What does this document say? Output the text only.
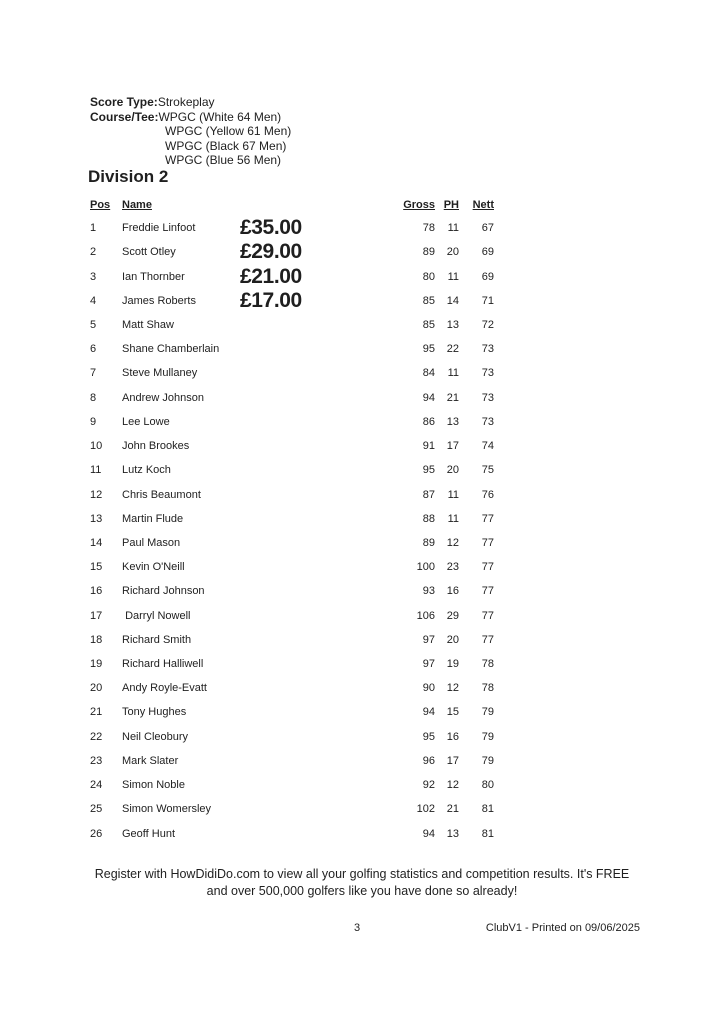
Score Type:Strokeplay
Course/Tee:WPGC (White 64 Men)
WPGC (Yellow 61 Men)
WPGC (Black 67 Men)
WPGC (Blue 56 Men)
Division 2
Pos	Name	Gross PH	Nett
1	Freddie Linfoot	£35.00	78	11	67
2	Scott Otley	£29.00	89	20	69
3	Ian Thornber	£21.00	80	11	69
4	James Roberts	£17.00	85	14	71
5	Matt Shaw	85	13	72
6	Shane Chamberlain	95	22	73
7	Steve Mullaney	84	11	73
8	Andrew Johnson	94	21	73
9	Lee Lowe	86	13	73
10	John Brookes	91	17	74
11	Lutz Koch	95	20	75
12	Chris Beaumont	87	11	76
13	Martin Flude	88	11	77
14	Paul Mason	89	12	77
15	Kevin O'Neill	100	23	77
16	Richard Johnson	93	16	77
17	Darryl Nowell	106	29	77
18	Richard Smith	97	20	77
19	Richard Halliwell	97	19	78
20	Andy Royle-Evatt	90	12	78
21	Tony Hughes	94	15	79
22	Neil Cleobury	95	16	79
23	Mark Slater	96	17	79
24	Simon Noble	92	12	80
25	Simon Womersley	102	21	81
26	Geoff Hunt	94	13	81
Register with HowDidiDo.com to view all your golfing statistics and competition results. It's FREE
and over 500,000 golfers like you have done so already!
3	ClubV1 - Printed on 09/06/2025
